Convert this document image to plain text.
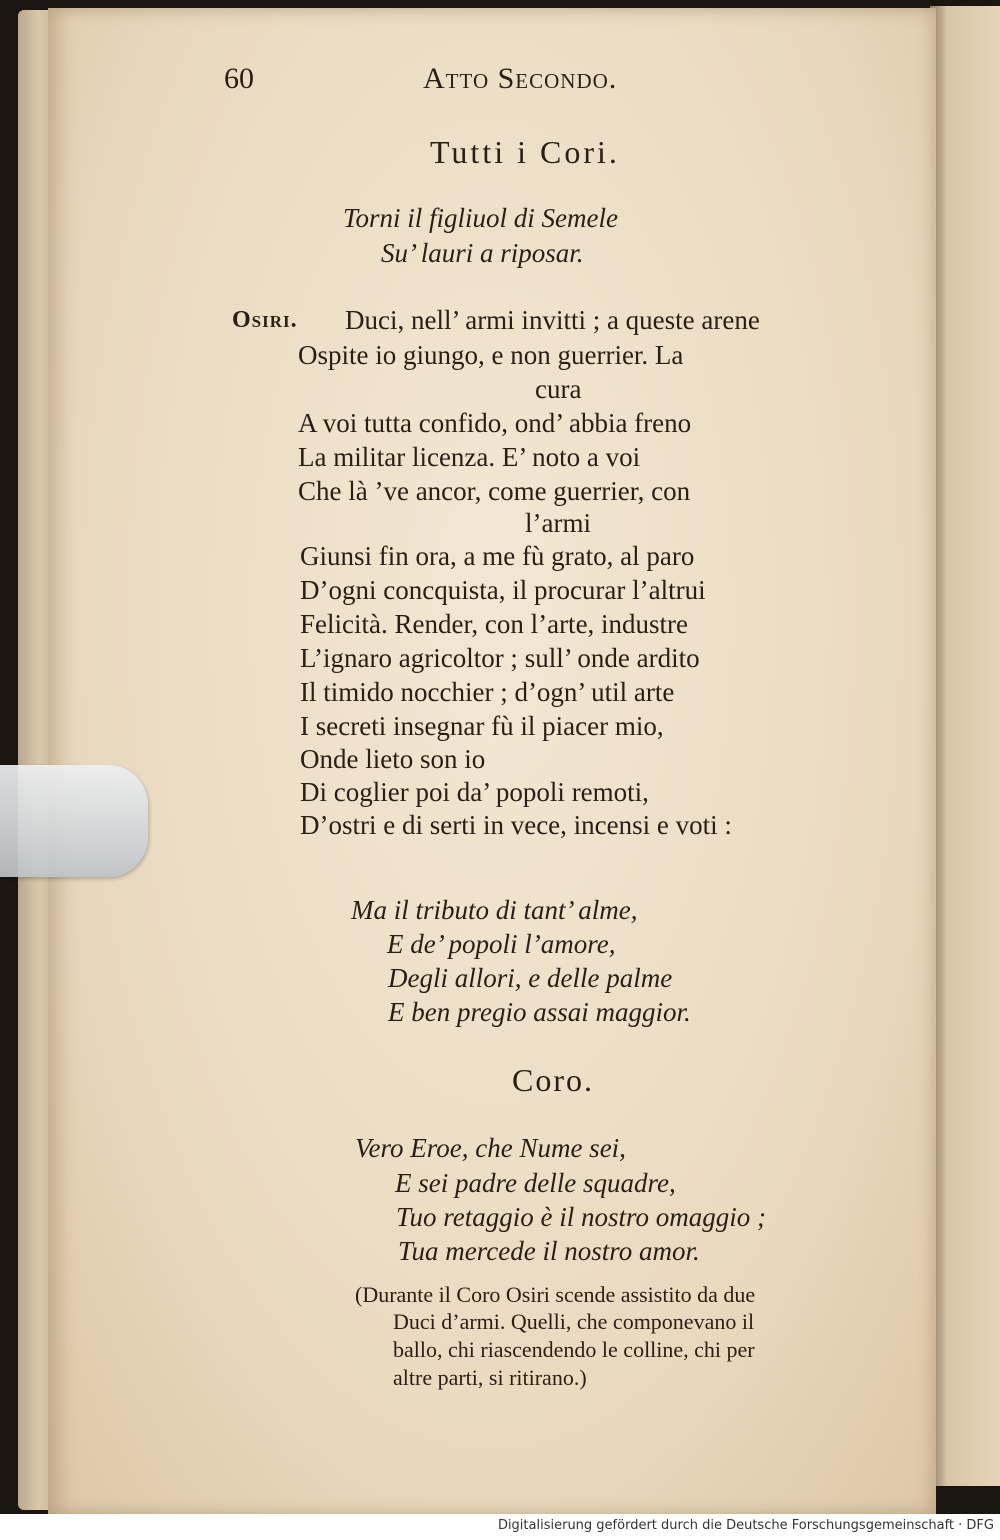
60	Atto Secondo.
Tutti i Cori.
Torni il figliuol di Semele
Su’ lauri a riposar.
Osiri. Duci, nell’ armi invitti ; a queste arene
Ospite io giungo, e non guerrier. La
cura
A voi tutta confido, ond’ abbia freno
La militar licenza. E’ noto a voi
Che là ’ve ancor, come guerrier, con
l’armi
Giunsi fin ora, a me fù grato, al paro
D’ogni concquista, il procurar l’altrui
Felicità. Render, con l’arte, industre
L’ignaro agricoltor ; sull’ onde ardito
Il timido nocchier ; d’ogn’ util arte
I secreti insegnar fù il piacer mio,
Onde lieto son io
Di coglier poi da’ popoli remoti,
D’ostri e di serti in vece, incensi e voti :
Ma il tributo di tant’ alme,
E de’ popoli l’amore,
Degli allori, e delle palme
E ben pregio assai maggior.
Coro.
Vero Eroe, che Nume sei,
E sei padre delle squadre,
Tuo retaggio è il nostro omaggio ;
Tua mercede il nostro amor.
(Durante il Coro Osiri scende assistito da due
Duci d’armi. Quelli, che componevano il
ballo, chi riascendendo le colline, chi per
altre parti, si ritirano.)
Digitalisierung gefördert durch die Deutsche Forschungsgemeinschaft · DFG
